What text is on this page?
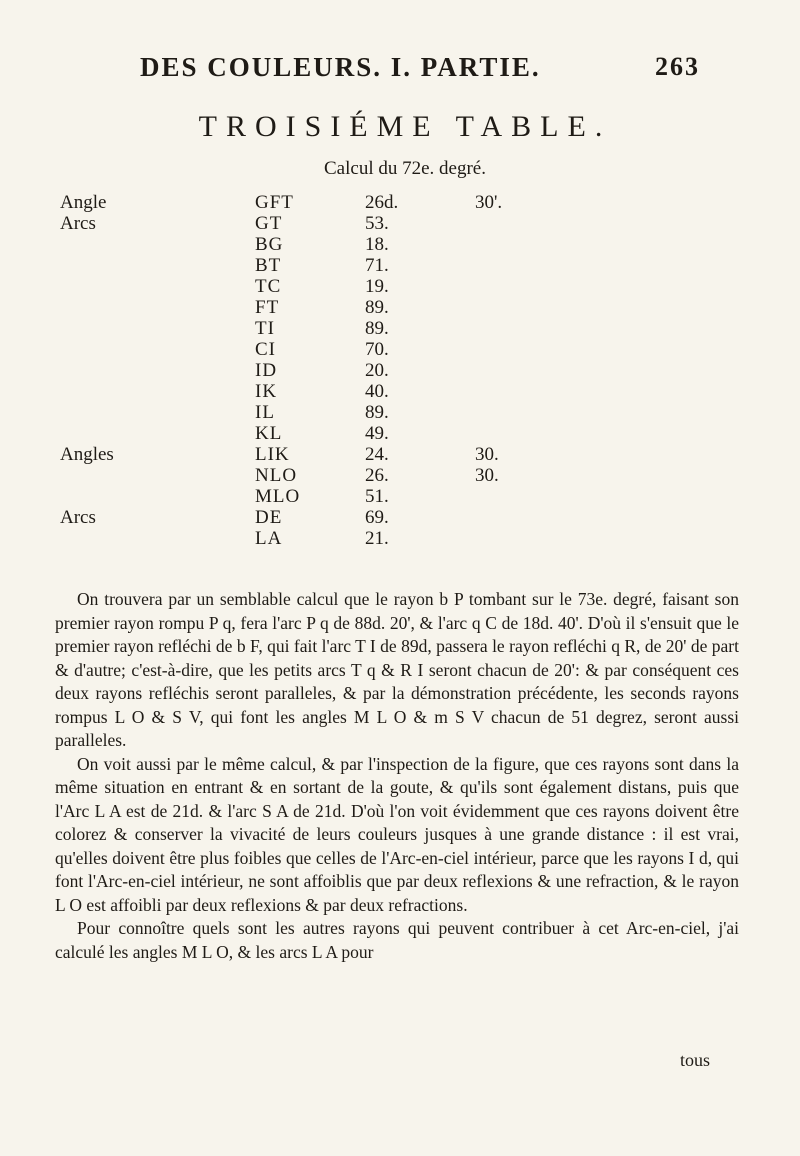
DES COULEURS. I. PARTIE.	263
TROISIÉME TABLE.
Calcul du 72e. degré.
Angle	GFT	26d.	30'.
Arcs	GT	53.
BG	18.
BT	71.
TC	19.
FT	89.
TI	89.
CI	70.
ID	20.
IK	40.
IL	89.
KL	49.
Angles	LIK	24.	30.
NLO	26.	30.
MLO	51.
Arcs	DE	69.
LA	21.

On trouvera par un semblable calcul que le rayon b P tombant sur le 73e. degré, faisant son premier rayon rompu P q, fera l'arc P q de 88d. 20', & l'arc q C de 18d. 40'. D'où il s'ensuit que le premier rayon refléchi de b F, qui fait l'arc T I de 89d, passera le rayon refléchi q R, de 20' de part & d'autre; c'est-à-dire, que les petits arcs T q & R I seront chacun de 20': & par conséquent ces deux rayons refléchis seront paralleles, & par la démonstration précédente, les seconds rayons rompus L O & S V, qui font les angles M L O & m S V chacun de 51 degrez, seront aussi paralleles.

On voit aussi par le même calcul, & par l'inspection de la figure, que ces rayons sont dans la même situation en entrant & en sortant de la goute, & qu'ils sont également distans, puis que l'Arc L A est de 21d. & l'arc S A de 21d. D'où l'on voit évidemment que ces rayons doivent être colorez & conserver la vivacité de leurs couleurs jusques à une grande distance : il est vrai, qu'elles doivent être plus foibles que celles de l'Arc-en-ciel intérieur, parce que les rayons I d, qui font l'Arc-en-ciel intérieur, ne sont affoiblis que par deux reflexions & une refraction, & le rayon L O est affoibli par deux reflexions & par deux refractions.

Pour connoître quels sont les autres rayons qui peuvent contribuer à cet Arc-en-ciel, j'ai calculé les angles M L O, & les arcs L A pour

tous
